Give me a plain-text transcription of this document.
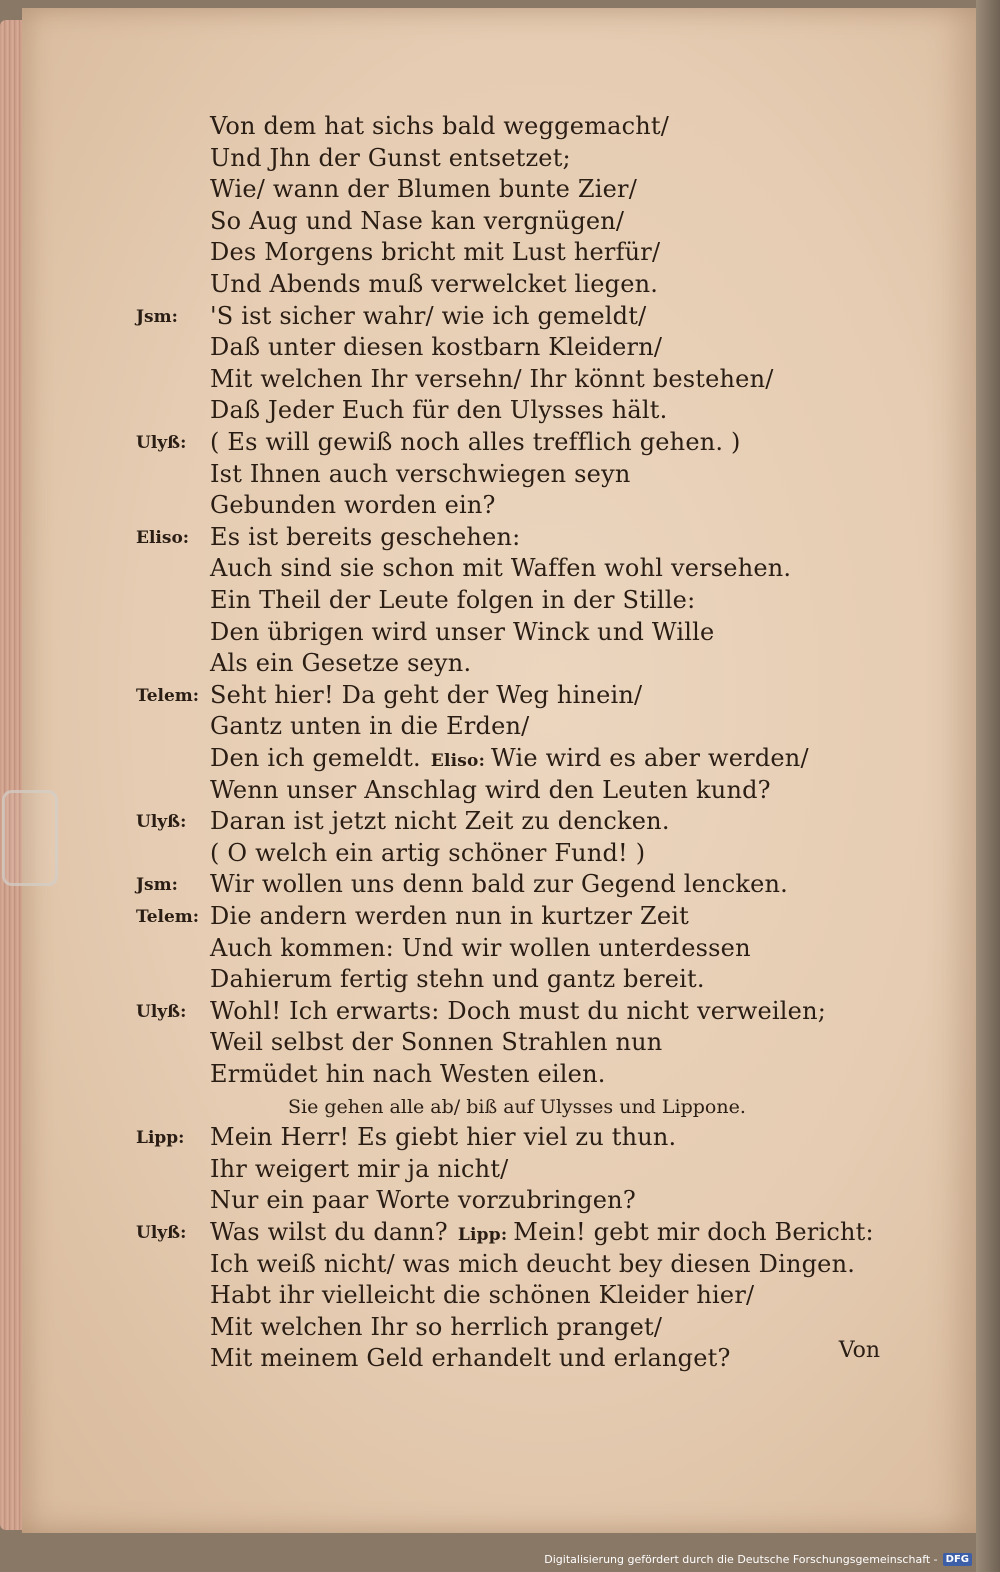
Von dem hat sichs bald weggemacht/
Und Jhn der Gunst entsetzet;
Wie/ wann der Blumen bunte Zier/
So Aug und Nase kan vergnügen/
Des Morgens bricht mit Lust herfür/
Und Abends muß verwelcket liegen.
Jsm: 'S ist sicher wahr/ wie ich gemeldt/
Daß unter diesen kostbarn Kleidern/
Mit welchen Ihr versehn/ Ihr könnt bestehen/
Daß Jeder Euch für den Ulysses hält.
Ulyß: ( Es will gewiß noch alles trefflich gehen. )
Ist Ihnen auch verschwiegen seyn
Gebunden worden ein?
Eliso: Es ist bereits geschehen:
Auch sind sie schon mit Waffen wohl versehen.
Ein Theil der Leute folgen in der Stille:
Den übrigen wird unser Winck und Wille
Als ein Gesetze seyn.
Telem: Seht hier! Da geht der Weg hinein/
Gantz unten in die Erden/
Den ich gemeldt. Eliso: Wie wird es aber werden/
Wenn unser Anschlag wird den Leuten kund?
Ulyß: Daran ist jetzt nicht Zeit zu dencken.
( O welch ein artig schöner Fund! )
Jsm: Wir wollen uns denn bald zur Gegend lencken.
Telem: Die andern werden nun in kurtzer Zeit
Auch kommen: Und wir wollen unterdessen
Dahierum fertig stehn und gantz bereit.
Ulyß: Wohl! Ich erwarts: Doch must du nicht verweilen;
Weil selbst der Sonnen Strahlen nun
Ermüdet hin nach Westen eilen.
Sie gehen alle ab/ biß auf Ulysses und Lippone.
Lipp: Mein Herr! Es giebt hier viel zu thun.
Ihr weigert mir ja nicht/
Nur ein paar Worte vorzubringen?
Ulyß: Was wilst du dann? Lipp: Mein! gebt mir doch Bericht:
Ich weiß nicht/ was mich deucht bey diesen Dingen.
Habt ihr vielleicht die schönen Kleider hier/
Mit welchen Ihr so herrlich pranget/
Mit meinem Geld erhandelt und erlanget?	Von
Digitalisierung gefördert durch die Deutsche Forschungsgemeinschaft - DFG
